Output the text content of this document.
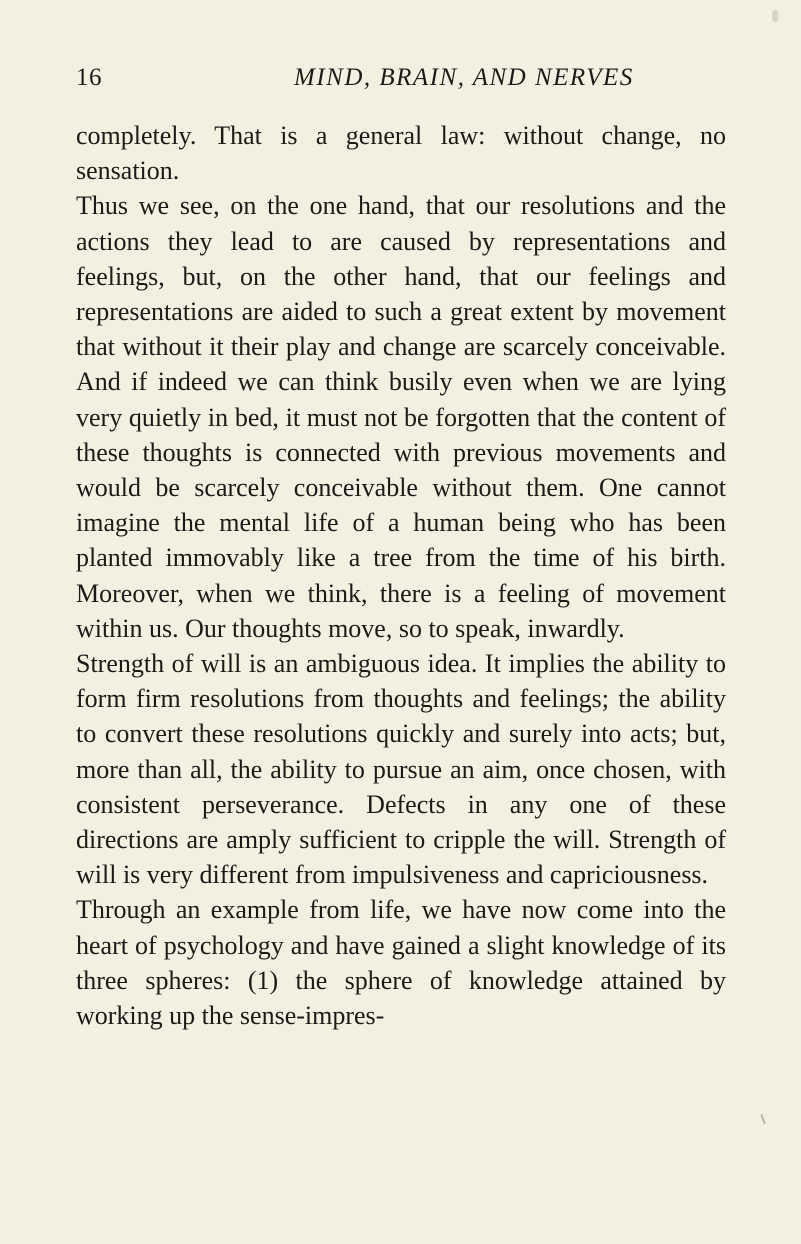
16	MIND, BRAIN, AND NERVES

completely. That is a general law: without change, no sensation.

Thus we see, on the one hand, that our resolutions and the actions they lead to are caused by representations and feelings, but, on the other hand, that our feelings and representations are aided to such a great extent by movement that without it their play and change are scarcely conceivable. And if indeed we can think busily even when we are lying very quietly in bed, it must not be forgotten that the content of these thoughts is connected with previous movements and would be scarcely conceivable without them. One cannot imagine the mental life of a human being who has been planted immovably like a tree from the time of his birth. Moreover, when we think, there is a feeling of movement within us. Our thoughts move, so to speak, inwardly.

Strength of will is an ambiguous idea. It implies the ability to form firm resolutions from thoughts and feelings; the ability to convert these resolutions quickly and surely into acts; but, more than all, the ability to pursue an aim, once chosen, with consistent perseverance. Defects in any one of these directions are amply sufficient to cripple the will. Strength of will is very different from impulsiveness and capriciousness.

Through an example from life, we have now come into the heart of psychology and have gained a slight knowledge of its three spheres: (1) the sphere of knowledge attained by working up the sense-impres-
